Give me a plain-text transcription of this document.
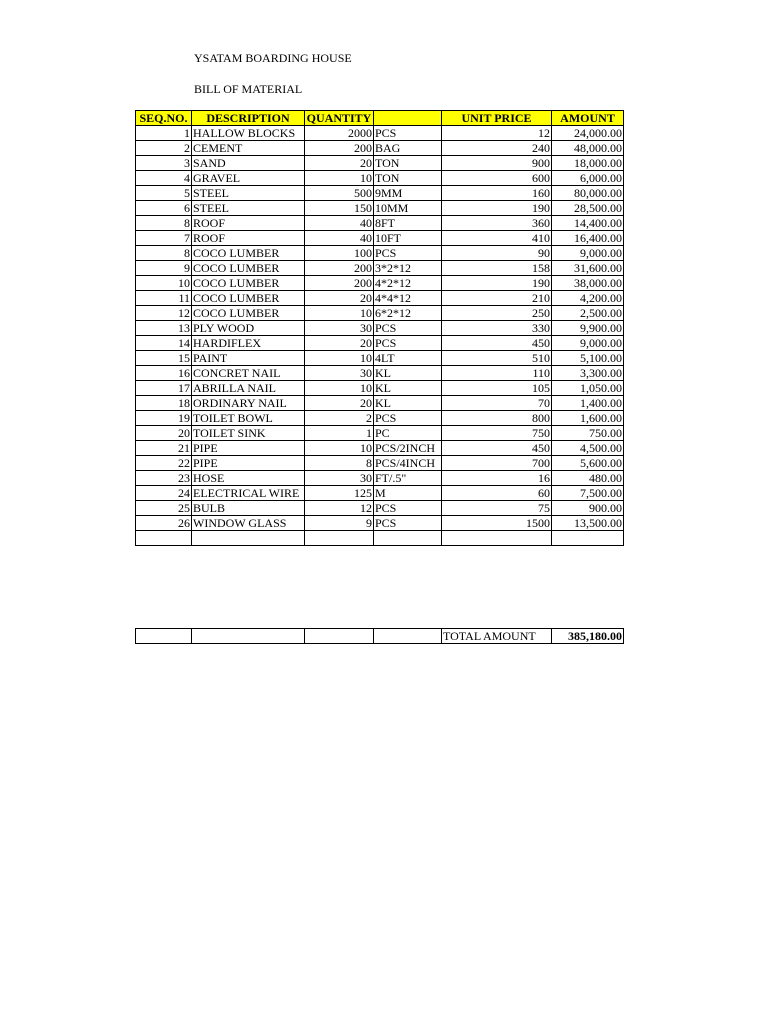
YSATAM BOARDING HOUSE
BILL OF MATERIAL
SEQ.NO.	DESCRIPTION	QUANTITY		UNIT PRICE	AMOUNT
1	HALLOW BLOCKS	2000	PCS	12	24,000.00
2	CEMENT	200	BAG	240	48,000.00
3	SAND	20	TON	900	18,000.00
4	GRAVEL	10	TON	600	6,000.00
5	STEEL	500	9MM	160	80,000.00
6	STEEL	150	10MM	190	28,500.00
8	ROOF	40	8FT	360	14,400.00
7	ROOF	40	10FT	410	16,400.00
8	COCO LUMBER	100	PCS	90	9,000.00
9	COCO LUMBER	200	3*2*12	158	31,600.00
10	COCO LUMBER	200	4*2*12	190	38,000.00
11	COCO LUMBER	20	4*4*12	210	4,200.00
12	COCO LUMBER	10	6*2*12	250	2,500.00
13	PLY WOOD	30	PCS	330	9,900.00
14	HARDIFLEX	20	PCS	450	9,000.00
15	PAINT	10	4LT	510	5,100.00
16	CONCRET NAIL	30	KL	110	3,300.00
17	ABRILLA NAIL	10	KL	105	1,050.00
18	ORDINARY NAIL	20	KL	70	1,400.00
19	TOILET BOWL	2	PCS	800	1,600.00
20	TOILET SINK	1	PC	750	750.00
21	PIPE	10	PCS/2INCH	450	4,500.00
22	PIPE	8	PCS/4INCH	700	5,600.00
23	HOSE	30	FT/.5"	16	480.00
24	ELECTRICAL WIRE	125	M	60	7,500.00
25	BULB	12	PCS	75	900.00
26	WINDOW GLASS	9	PCS	1500	13,500.00

				TOTAL AMOUNT	385,180.00
